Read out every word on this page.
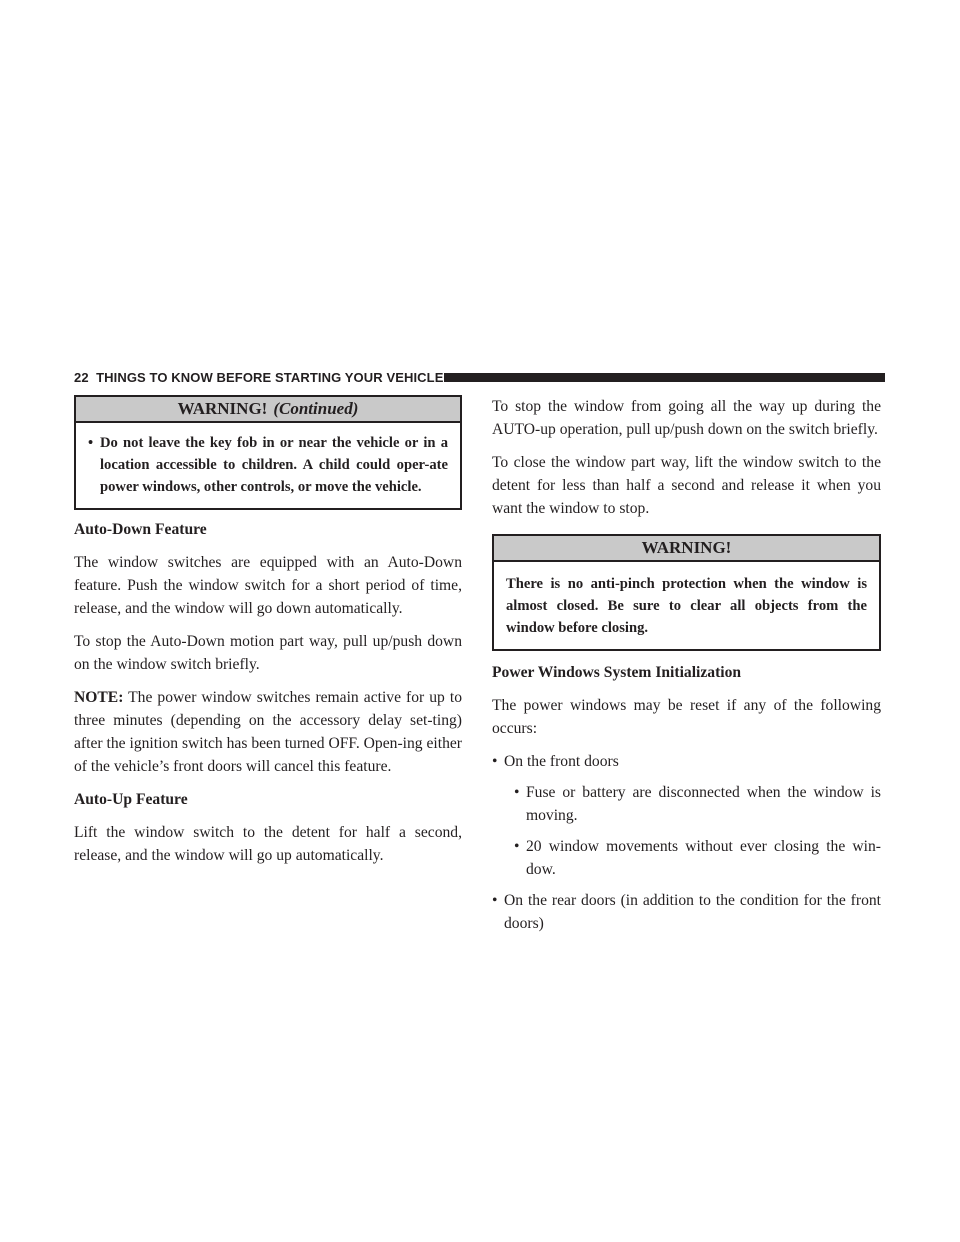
22 THINGS TO KNOW BEFORE STARTING YOUR VEHICLE
WARNING! (Continued)
• Do not leave the key fob in or near the vehicle or in a location accessible to children. A child could oper-ate power windows, other controls, or move the vehicle.
Auto-Down Feature

The window switches are equipped with an Auto-Down feature. Push the window switch for a short period of time, release, and the window will go down automatically.

To stop the Auto-Down motion part way, pull up/push down on the window switch briefly.

NOTE: The power window switches remain active for up to three minutes (depending on the accessory delay set-ting) after the ignition switch has been turned OFF. Open-ing either of the vehicle’s front doors will cancel this feature.

Auto-Up Feature

Lift the window switch to the detent for half a second, release, and the window will go up automatically.

To stop the window from going all the way up during the AUTO-up operation, pull up/push down on the switch briefly.

To close the window part way, lift the window switch to the detent for less than half a second and release it when you want the window to stop.

WARNING!
There is no anti-pinch protection when the window is almost closed. Be sure to clear all objects from the window before closing.
Power Windows System Initialization

The power windows may be reset if any of the following occurs:

• On the front doors
• Fuse or battery are disconnected when the window is moving.
• 20 window movements without ever closing the win-dow.
• On the rear doors (in addition to the condition for the front doors)
